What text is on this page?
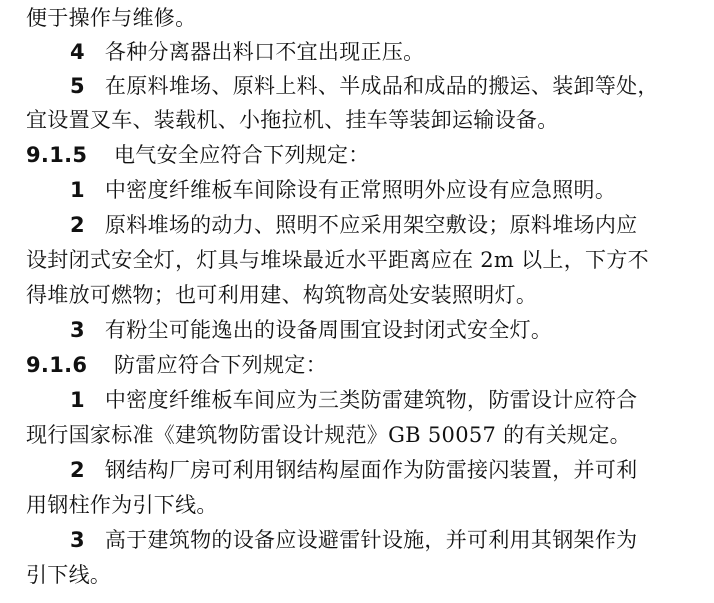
便于操作与维修。
4 各种分离器出料口不宜出现正压。
5 在原料堆场、原料上料、半成品和成品的搬运、装卸等处，
宜设置叉车、装载机、小拖拉机、挂车等装卸运输设备。
9.1.5 电气安全应符合下列规定：
1 中密度纤维板车间除设有正常照明外应设有应急照明。
2 原料堆场的动力、照明不应采用架空敷设；原料堆场内应
设封闭式安全灯，灯具与堆垛最近水平距离应在 2m 以上，下方不
得堆放可燃物；也可利用建、构筑物高处安装照明灯。
3 有粉尘可能逸出的设备周围宜设封闭式安全灯。
9.1.6 防雷应符合下列规定：
1 中密度纤维板车间应为三类防雷建筑物，防雷设计应符合
现行国家标准《建筑物防雷设计规范》GB 50057 的有关规定。
2 钢结构厂房可利用钢结构屋面作为防雷接闪装置，并可利
用钢柱作为引下线。
3 高于建筑物的设备应设避雷针设施，并可利用其钢架作为
引下线。
